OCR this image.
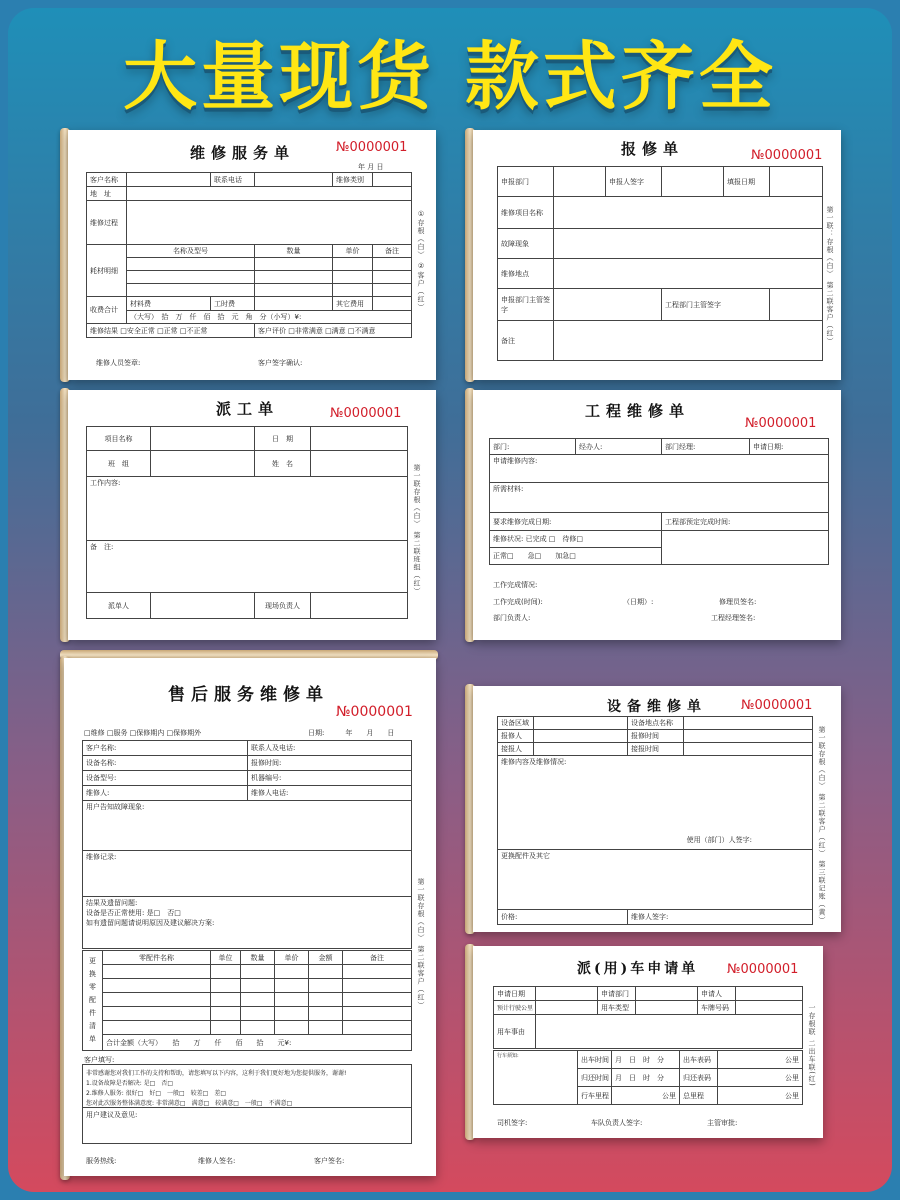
大量现货 款式齐全
维修服务单	№0000001
年 月 日
客户名称		联系电话		维修类别	
地　址					
维修过程					
耗材明细	名称及型号		数量	单价	备注

收费合计	材料费	工时费		其它费用	
	（大写）　拾　万　仟　佰　拾　元　角　分（小写）¥:				
维修结果 □安全正常 □正常 □不正常			客户评价 □非常满意 □满意 □不满意		
维修人员签章:	客户签字确认:
①存根（白） ②客户（红）
报修单	№0000001
申报部门		申报人签字		填报日期	
维修项目名称					
故障现象					
维修地点					
申报部门主管签字			工程部门主管签字		
备注						第一联：存根（白） 第二联客户（红）
派工单	№0000001
项目名称		日　期	
班　组		姓　名	
工作内容:			
备　注:			
派单人		现场负责人	
第一联存根（白） 第二联班组（红）
工程维修单
№0000001
部门:	经办人:	部门经理:	申请日期:
申请维修内容:			
所需材料:			
要求维修完成日期:		工程部预定完成时间:	
维修状况: 已完成 □　待修□			
正常□　　急□　　加急□			
工作完成情况:
工作完成(时间):	（日期）:	修理员签名:
部门负责人:	工程经理签名:
售后服务维修单
№0000001
□维修 □服务 □保修期内 □保修期外	日期:　　　年　　月　　日
客户名称:	联系人及电话:
设备名称:	报修时间:
设备型号:	机器编号:
维修人:	维修人电话:
用户告知故障现象:	
维修记录:	

结果及遗留问题:
设备是否正常使用: 是□　否□
如有遗留问题请说明原因及建议解决方案:	
更换零配件清单	零配件名称	单位	数量	单价	金额	备注

	合计金额（大写）　　拾　　万　　仟　　佰　　拾　　元¥:					
客户填写:
非常感谢您对我们工作的支持和帮助，请您填写以下内容，这利于我们更好地为您提供服务，谢谢!
1.设备故障是否解决: 是□　否□
2.维修人服务: 很好□　好□　一般□　较差□　差□
您对此次服务整体满意度: 非常满意□　满意□　较满意□　一般□　不满意□
用户建议及意见:
服务热线:	维修人签名:	客户签名:
第一联存根（白） 第二联客户（红）
设备维修单	№0000001
设备区域		设备地点名称	
报修人		报修时间	
接报人		接报时间	

维修内容及维修情况:
使用（部门）人签字:			

更换配件及其它			
价格:		维修人签字:		第一联存根（白） 第二联客户（红） 第三联记账（黄）
派(用)车申请单 №0000001
申请日期		申请部门		申请人	
预计行驶公里		用车类型		车牌号码	
用车事由					
行车须知:	出车时间	月　日　时　分	出车表码	公里
	归还时间	月　日　时　分	归还表码	公里
	行车里程	公里	总里程	公里
司机签字:	车队负责人签字:	主管审批:
一存根联 二出车联(红)
